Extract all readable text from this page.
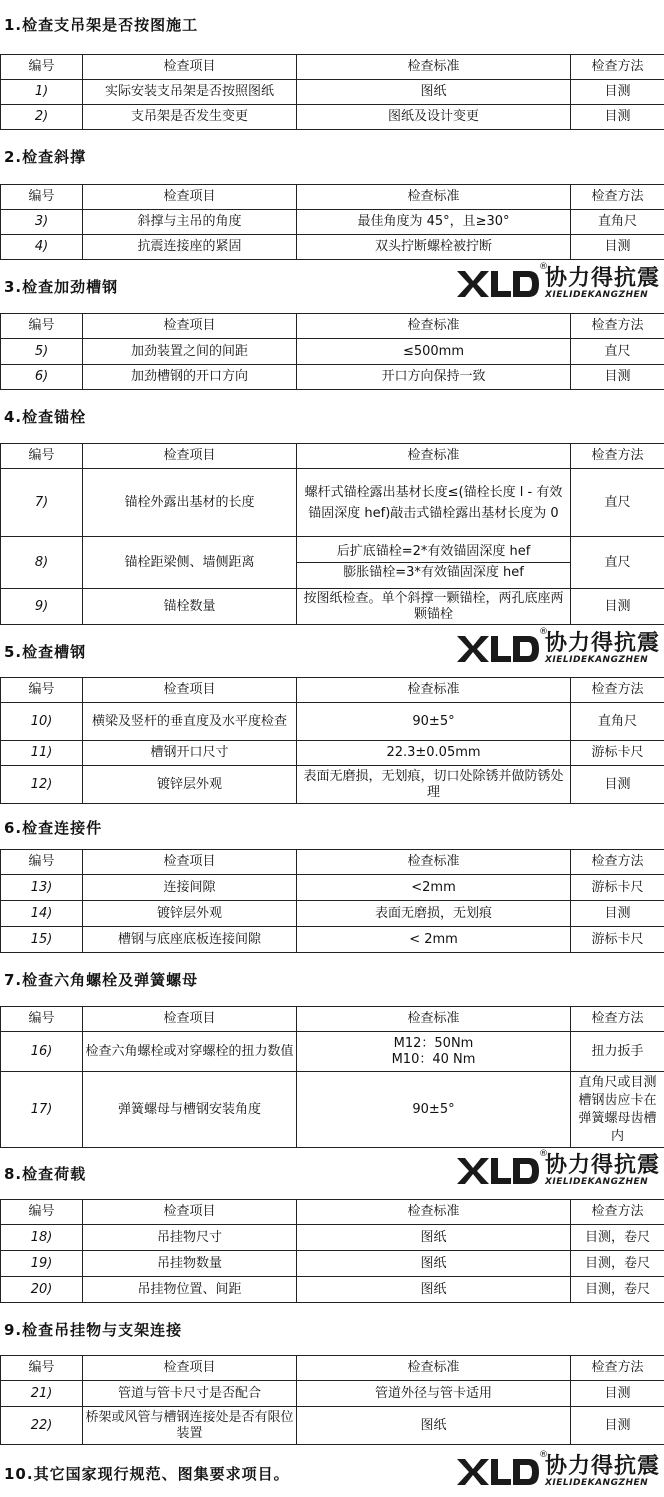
1.检查支吊架是否按图施工
编号	检查项目	检查标准	检查方法
1)	实际安装支吊架是否按照图纸	图纸	目测
2)	支吊架是否发生变更	图纸及设计变更	目测
2.检查斜撑
编号	检查项目	检查标准	检查方法
3)	斜撑与主吊的角度	最佳角度为 45°，且≥30°	直角尺
4)	抗震连接座的紧固	双头拧断螺栓被拧断	目测
3.检查加劲槽钢
®
协力得抗震
XIELIDEKANGZHEN
编号	检查项目	检查标准	检查方法
5)	加劲装置之间的间距	≤500mm	直尺
6)	加劲槽钢的开口方向	开口方向保持一致	目测
4.检查锚栓
编号	检查项目	检查标准	检查方法
7)	锚栓外露出基材的长度	螺杆式锚栓露出基材长度≤(锚栓长度 l - 有效锚固深度 hef)敲击式锚栓露出基材长度为 0	直尺
8)	锚栓距梁侧、墙侧距离	后扩底锚栓=2*有效锚固深度 hef
膨胀锚栓=3*有效锚固深度 hef	直尺
9)	锚栓数量	按图纸检查。单个斜撑一颗锚栓，两孔底座两颗锚栓	目测
5.检查槽钢
®
协力得抗震
XIELIDEKANGZHEN
编号	检查项目	检查标准	检查方法
10)	横梁及竖杆的垂直度及水平度检查	90±5°	直角尺
11)	槽钢开口尺寸	22.3±0.05mm	游标卡尺
12)	镀锌层外观	表面无磨损，无划痕，切口处除锈并做防锈处理	目测
6.检查连接件
编号	检查项目	检查标准	检查方法
13)	连接间隙	<2mm	游标卡尺
14)	镀锌层外观	表面无磨损，无划痕	目测
15)	槽钢与底座底板连接间隙	< 2mm	游标卡尺
7.检查六角螺栓及弹簧螺母
编号	检查项目	检查标准	检查方法
16)	检查六角螺栓或对穿螺栓的扭力数值	M12：50Nm
M10：40 Nm	扭力扳手
17)	弹簧螺母与槽钢安装角度	90±5°	直角尺或目测槽钢齿应卡在弹簧螺母齿槽内
8.检查荷载
®
协力得抗震
XIELIDEKANGZHEN
编号	检查项目	检查标准	检查方法
18)	吊挂物尺寸	图纸	目测，卷尺
19)	吊挂物数量	图纸	目测，卷尺
20)	吊挂物位置、间距	图纸	目测，卷尺
9.检查吊挂物与支架连接
编号	检查项目	检查标准	检查方法
21)	管道与管卡尺寸是否配合	管道外径与管卡适用	目测
22)	桥架或风管与槽钢连接处是否有限位装置	图纸	目测
10.其它国家现行规范、图集要求项目。
®
协力得抗震
XIELIDEKANGZHEN
